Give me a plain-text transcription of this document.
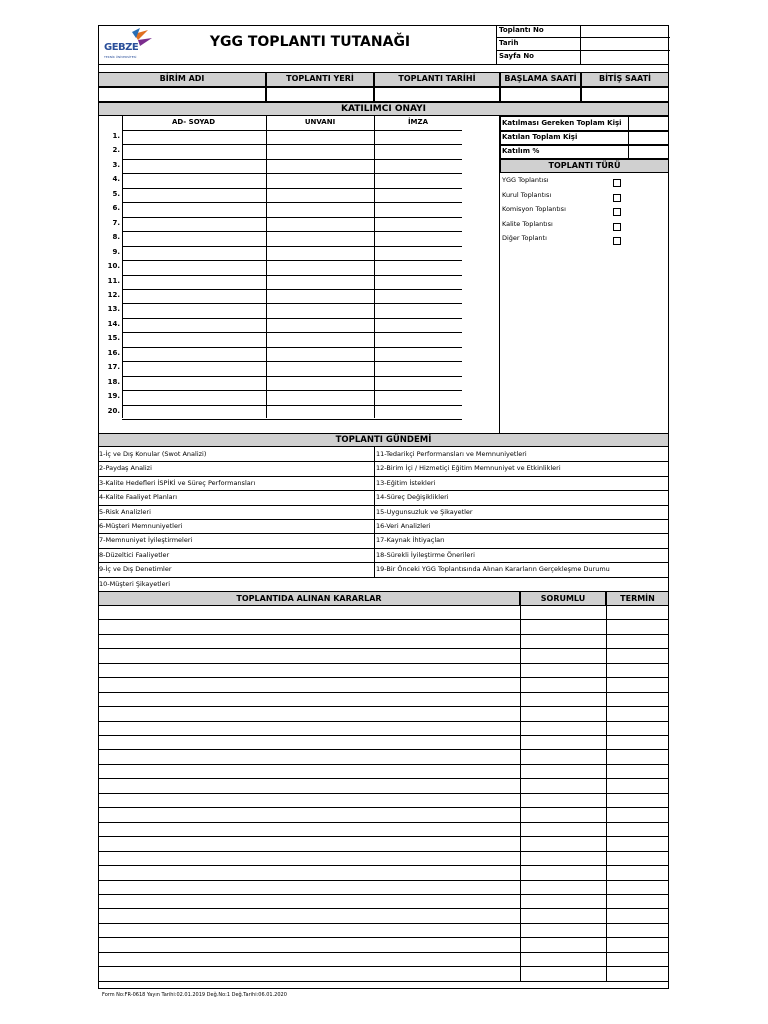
GEBZE
TEKNİK ÜNİVERSİTESİ
YGG TOPLANTI TUTANAĞI
Toplantı No
Tarih
Sayfa No
BİRİM ADI	TOPLANTI YERİ	TOPLANTI TARİHİ	BAŞLAMA SAATİ	BİTİŞ SAATİ
KATILIMCI ONAYI
AD- SOYAD	UNVANI	İMZA
1.
2.
3.
4.
5.
6.
7.
8.
9.
10.
11.
12.
13.
14.
15.
16.
17.
18.
19.
20.
Katılması Gereken Toplam Kişi
Katılan Toplam Kişi
Katılım %
TOPLANTI TÜRÜ
YGG Toplantısı
Kurul Toplantısı
Komisyon Toplantısı
Kalite Toplantısı
Diğer Toplantı
TOPLANTI GÜNDEMİ
1-İç ve Dış Konular (Swot Analizi)
2-Paydaş Analizi
3-Kalite Hedefleri İSPİKİ ve Süreç Performansları
4-Kalite Faaliyet Planları
5-Risk Analizleri
6-Müşteri Memnuniyetleri
7-Memnuniyet İyileştirmeleri
8-Düzeltici Faaliyetler
9-İç ve Dış Denetimler
10-Müşteri Şikayetleri
11-Tedarikçi Performansları ve Memnuniyetleri
12-Birim İçi / Hizmetiçi Eğitim Memnuniyet ve Etkinlikleri
13-Eğitim İstekleri
14-Süreç Değişiklikleri
15-Uygunsuzluk ve Şikayetler
16-Veri Analizleri
17-Kaynak İhtiyaçları
18-Sürekli İyileştirme Önerileri
19-Bir Önceki YGG Toplantısında Alınan Kararların Gerçekleşme Durumu
TOPLANTIDA ALINAN KARARLAR	SORUMLU	TERMİN
Form No:FR-0618 Yayın Tarihi:02.01.2019 Değ.No:1 Değ.Tarihi:06.01.2020
